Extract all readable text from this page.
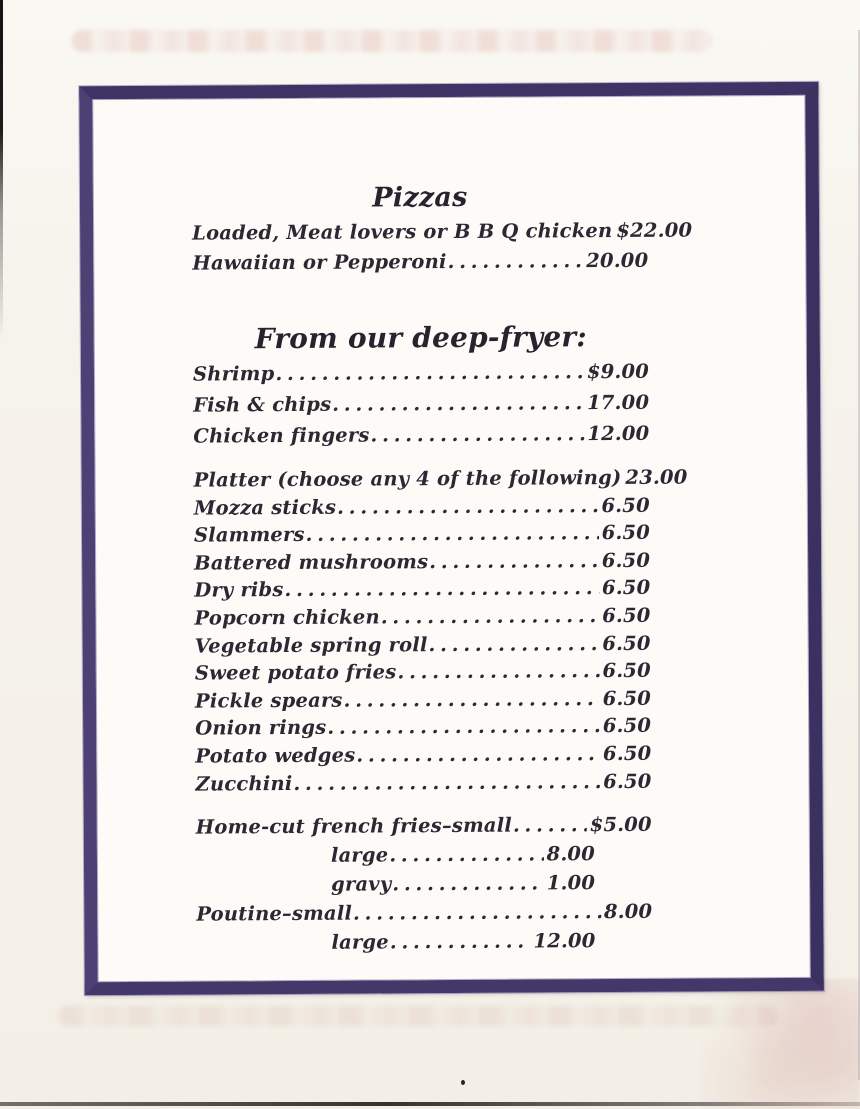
Pizzas
Loaded, Meat lovers or B B Q chicken ..... $22.00
Hawaiian or Pepperoni .....	20.00
From our deep-fryer:
Shrimp .....	$9.00
Fish & chips .....	17.00
Chicken fingers .....	12.00
Platter (choose any 4 of the following) ..... 23.00
Mozza sticks .....	6.50
Slammers .....	6.50
Battered mushrooms .....	6.50
Dry ribs .....	6.50
Popcorn chicken .....	6.50
Vegetable spring roll .....	6.50
Sweet potato fries .....	6.50
Pickle spears .....	6.50
Onion rings .....	6.50
Potato wedges .....	6.50
Zucchini .....	6.50
Home-cut french fries–small .....	$5.00
large .....	8.00
gravy .....	1.00
Poutine–small .....	8.00
large .....	12.00
